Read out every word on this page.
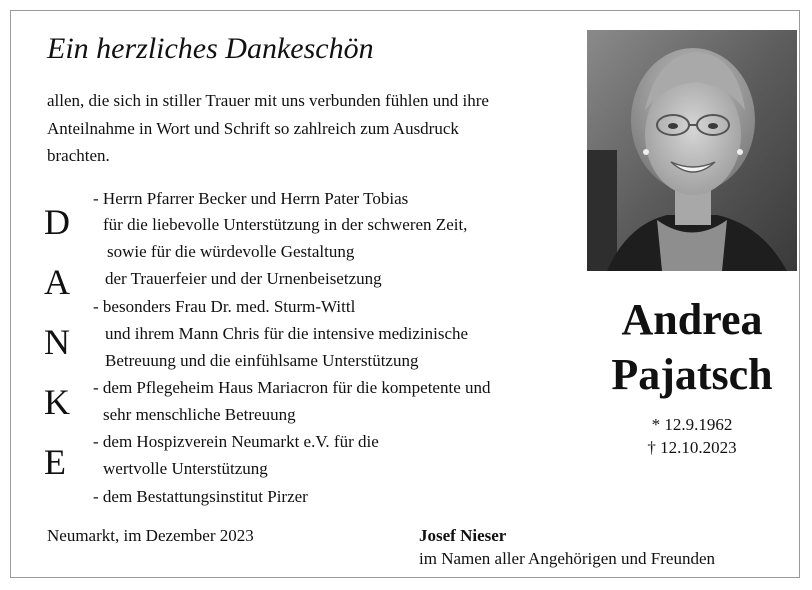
Ein herzliches Dankeschön
allen, die sich in stiller Trauer mit uns verbunden fühlen und ihre
Anteilnahme in Wort und Schrift so zahlreich zum Ausdruck
brachten.
D
A
N
K
E
- Herrn Pfarrer Becker und Herrn Pater Tobias
für die liebevolle Unterstützung in der schweren Zeit,
sowie für die würdevolle Gestaltung
der Trauerfeier und der Urnenbeisetzung
- besonders Frau Dr. med. Sturm-Wittl
und ihrem Mann Chris für die intensive medizinische
Betreuung und die einfühlsame Unterstützung
- dem Pflegeheim Haus Mariacron für die kompetente und
sehr menschliche Betreuung
- dem Hospizverein Neumarkt e.V. für die
wertvolle Unterstützung
- dem Bestattungsinstitut Pirzer
Andrea
Pajatsch
* 12.9.1962
† 12.10.2023
Neumarkt, im Dezember 2023	Josef Nieser
im Namen aller Angehörigen und Freunden
